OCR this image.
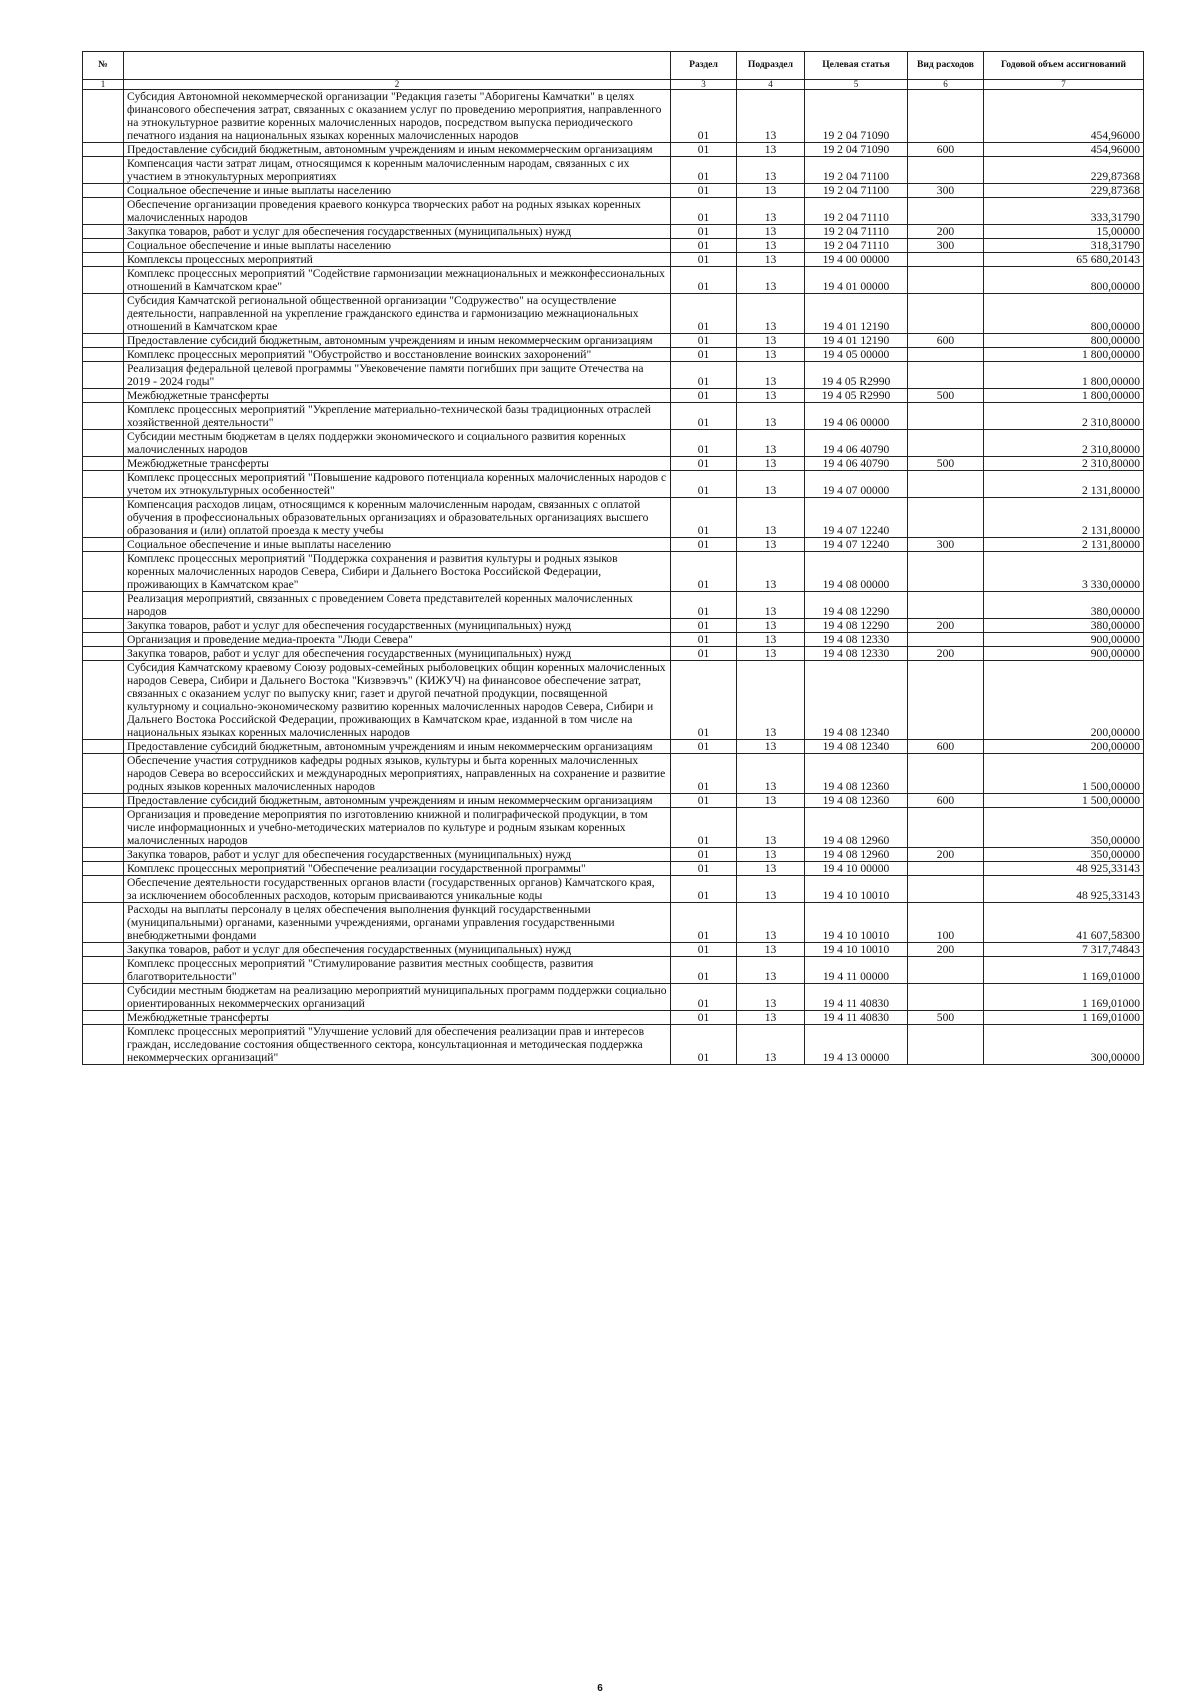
№		Раздел	Подраздел	Целевая статья	Вид расходов	Годовой объем ассигнований
1	2	3	4	5	6	7
	Субсидия Автономной некоммерческой организации "Редакция газеты "Аборигены Камчатки" в целях финансового обеспечения затрат, связанных с оказанием услуг по проведению мероприятия, направленного на этнокультурное развитие коренных малочисленных народов, посредством выпуска периодического печатного издания на национальных языках коренных малочисленных народов	01	13	19 2 04 71090		454,96000
	Предоставление субсидий бюджетным, автономным учреждениям и иным некоммерческим организациям	01	13	19 2 04 71090	600	454,96000
	Компенсация части затрат лицам, относящимся к коренным малочисленным народам, связанных с их участием в этнокультурных мероприятиях	01	13	19 2 04 71100		229,87368
	Социальное обеспечение и иные выплаты населению	01	13	19 2 04 71100	300	229,87368
	Обеспечение организации проведения краевого конкурса творческих работ на родных языках коренных малочисленных народов	01	13	19 2 04 71110		333,31790
	Закупка товаров, работ и услуг для обеспечения государственных (муниципальных) нужд	01	13	19 2 04 71110	200	15,00000
	Социальное обеспечение и иные выплаты населению	01	13	19 2 04 71110	300	318,31790
	Комплексы процессных мероприятий	01	13	19 4 00 00000		65 680,20143
	Комплекс процессных мероприятий "Содействие гармонизации межнациональных и межконфессиональных отношений в Камчатском крае"	01	13	19 4 01 00000		800,00000
	Субсидия Камчатской региональной общественной организации "Содружество" на осуществление деятельности, направленной на укрепление гражданского единства и гармонизацию межнациональных отношений в Камчатском крае	01	13	19 4 01 12190		800,00000
	Предоставление субсидий бюджетным, автономным учреждениям и иным некоммерческим организациям	01	13	19 4 01 12190	600	800,00000
	Комплекс процессных мероприятий "Обустройство и восстановление воинских захоронений"	01	13	19 4 05 00000		1 800,00000
	Реализация федеральной целевой программы "Увековечение памяти погибших при защите Отечества на 2019 - 2024 годы"	01	13	19 4 05 R2990		1 800,00000
	Межбюджетные трансферты	01	13	19 4 05 R2990	500	1 800,00000
	Комплекс процессных мероприятий "Укрепление материально-технической базы традиционных отраслей хозяйственной деятельности"	01	13	19 4 06 00000		2 310,80000
	Субсидии местным бюджетам в целях поддержки экономического и социального развития коренных малочисленных народов	01	13	19 4 06 40790		2 310,80000
	Межбюджетные трансферты	01	13	19 4 06 40790	500	2 310,80000
	Комплекс процессных мероприятий "Повышение кадрового потенциала коренных малочисленных народов с учетом их этнокультурных особенностей"	01	13	19 4 07 00000		2 131,80000
	Компенсация расходов лицам, относящимся к коренным малочисленным народам, связанных с оплатой обучения в профессиональных образовательных организациях и образовательных организациях высшего образования и (или) оплатой проезда к месту учебы	01	13	19 4 07 12240		2 131,80000
	Социальное обеспечение и иные выплаты населению	01	13	19 4 07 12240	300	2 131,80000
	Комплекс процессных мероприятий "Поддержка сохранения и развития культуры и родных языков коренных малочисленных народов Севера, Сибири и Дальнего Востока Российской Федерации, проживающих в Камчатском крае"	01	13	19 4 08 00000		3 330,00000
	Реализация мероприятий, связанных с проведением Совета представителей коренных малочисленных народов	01	13	19 4 08 12290		380,00000
	Закупка товаров, работ и услуг для обеспечения государственных (муниципальных) нужд	01	13	19 4 08 12290	200	380,00000
	Организация и проведение медиа-проекта "Люди Севера"	01	13	19 4 08 12330		900,00000
	Закупка товаров, работ и услуг для обеспечения государственных (муниципальных) нужд	01	13	19 4 08 12330	200	900,00000
	Субсидия Камчатскому краевому Союзу родовых-семейных рыболовецких общин коренных малочисленных народов Севера, Сибири и Дальнего Востока "Кизвэвэчъ" (КИЖУЧ) на финансовое обеспечение затрат, связанных с оказанием услуг по выпуску книг, газет и другой печатной продукции, посвященной культурному и социально-экономическому развитию коренных малочисленных народов Севера, Сибири и Дальнего Востока Российской Федерации, проживающих в Камчатском крае, изданной в том числе на национальных языках коренных малочисленных народов	01	13	19 4 08 12340		200,00000
	Предоставление субсидий бюджетным, автономным учреждениям и иным некоммерческим организациям	01	13	19 4 08 12340	600	200,00000
	Обеспечение участия сотрудников кафедры родных языков, культуры и быта коренных малочисленных народов Севера во всероссийских и международных мероприятиях, направленных на сохранение и развитие родных языков коренных малочисленных народов	01	13	19 4 08 12360		1 500,00000
	Предоставление субсидий бюджетным, автономным учреждениям и иным некоммерческим организациям	01	13	19 4 08 12360	600	1 500,00000
	Организация и проведение мероприятия по изготовлению книжной и полиграфической продукции, в том числе информационных и учебно-методических материалов по культуре и родным языкам коренных малочисленных народов	01	13	19 4 08 12960		350,00000
	Закупка товаров, работ и услуг для обеспечения государственных (муниципальных) нужд	01	13	19 4 08 12960	200	350,00000
	Комплекс процессных мероприятий "Обеспечение реализации государственной программы"	01	13	19 4 10 00000		48 925,33143
	Обеспечение деятельности государственных органов власти (государственных органов) Камчатского края, за исключением обособленных расходов, которым присваиваются уникальные коды	01	13	19 4 10 10010		48 925,33143
	Расходы на выплаты персоналу в целях обеспечения выполнения функций государственными (муниципальными) органами, казенными учреждениями, органами управления государственными внебюджетными фондами	01	13	19 4 10 10010	100	41 607,58300
	Закупка товаров, работ и услуг для обеспечения государственных (муниципальных) нужд	01	13	19 4 10 10010	200	7 317,74843
	Комплекс процессных мероприятий "Стимулирование развития местных сообществ, развития благотворительности"	01	13	19 4 11 00000		1 169,01000
	Субсидии местным бюджетам на реализацию мероприятий муниципальных программ поддержки социально ориентированных некоммерческих организаций	01	13	19 4 11 40830		1 169,01000
	Межбюджетные трансферты	01	13	19 4 11 40830	500	1 169,01000
	Комплекс процессных мероприятий "Улучшение условий для обеспечения реализации прав и интересов граждан, исследование состояния общественного сектора, консультационная и методическая поддержка некоммерческих организаций"	01	13	19 4 13 00000		300,00000
6
